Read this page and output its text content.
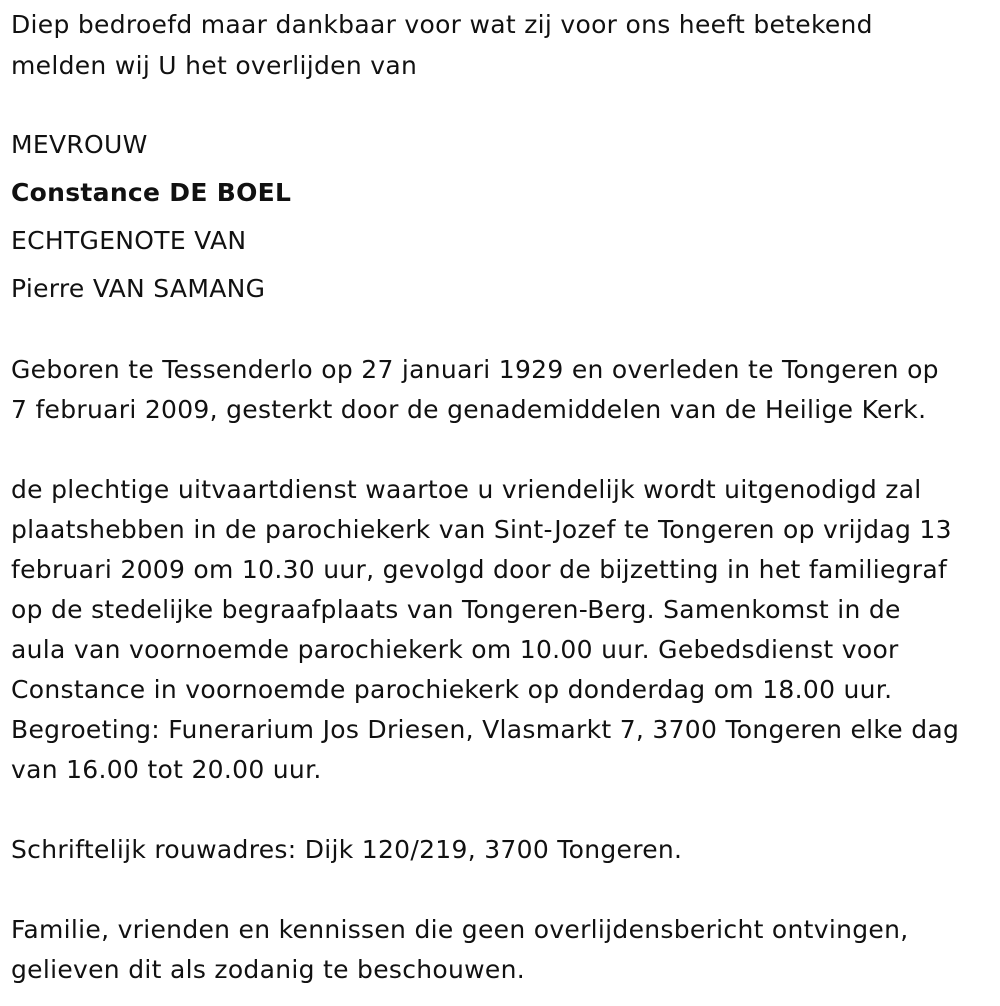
Diep bedroefd maar dankbaar voor wat zij voor ons heeft betekend
melden wij U het overlijden van
MEVROUW
Constance DE BOEL
ECHTGENOTE VAN
Pierre VAN SAMANG
Geboren te Tessenderlo op 27 januari 1929 en overleden te Tongeren op
7 februari 2009, gesterkt door de genademiddelen van de Heilige Kerk.
de plechtige uitvaartdienst waartoe u vriendelijk wordt uitgenodigd zal
plaatshebben in de parochiekerk van Sint-Jozef te Tongeren op vrijdag 13
februari 2009 om 10.30 uur, gevolgd door de bijzetting in het familiegraf
op de stedelijke begraafplaats van Tongeren-Berg. Samenkomst in de
aula van voornoemde parochiekerk om 10.00 uur. Gebedsdienst voor
Constance in voornoemde parochiekerk op donderdag om 18.00 uur.
Begroeting: Funerarium Jos Driesen, Vlasmarkt 7, 3700 Tongeren elke dag
van 16.00 tot 20.00 uur.
Schriftelijk rouwadres: Dijk 120/219, 3700 Tongeren.
Familie, vrienden en kennissen die geen overlijdensbericht ontvingen,
gelieven dit als zodanig te beschouwen.
